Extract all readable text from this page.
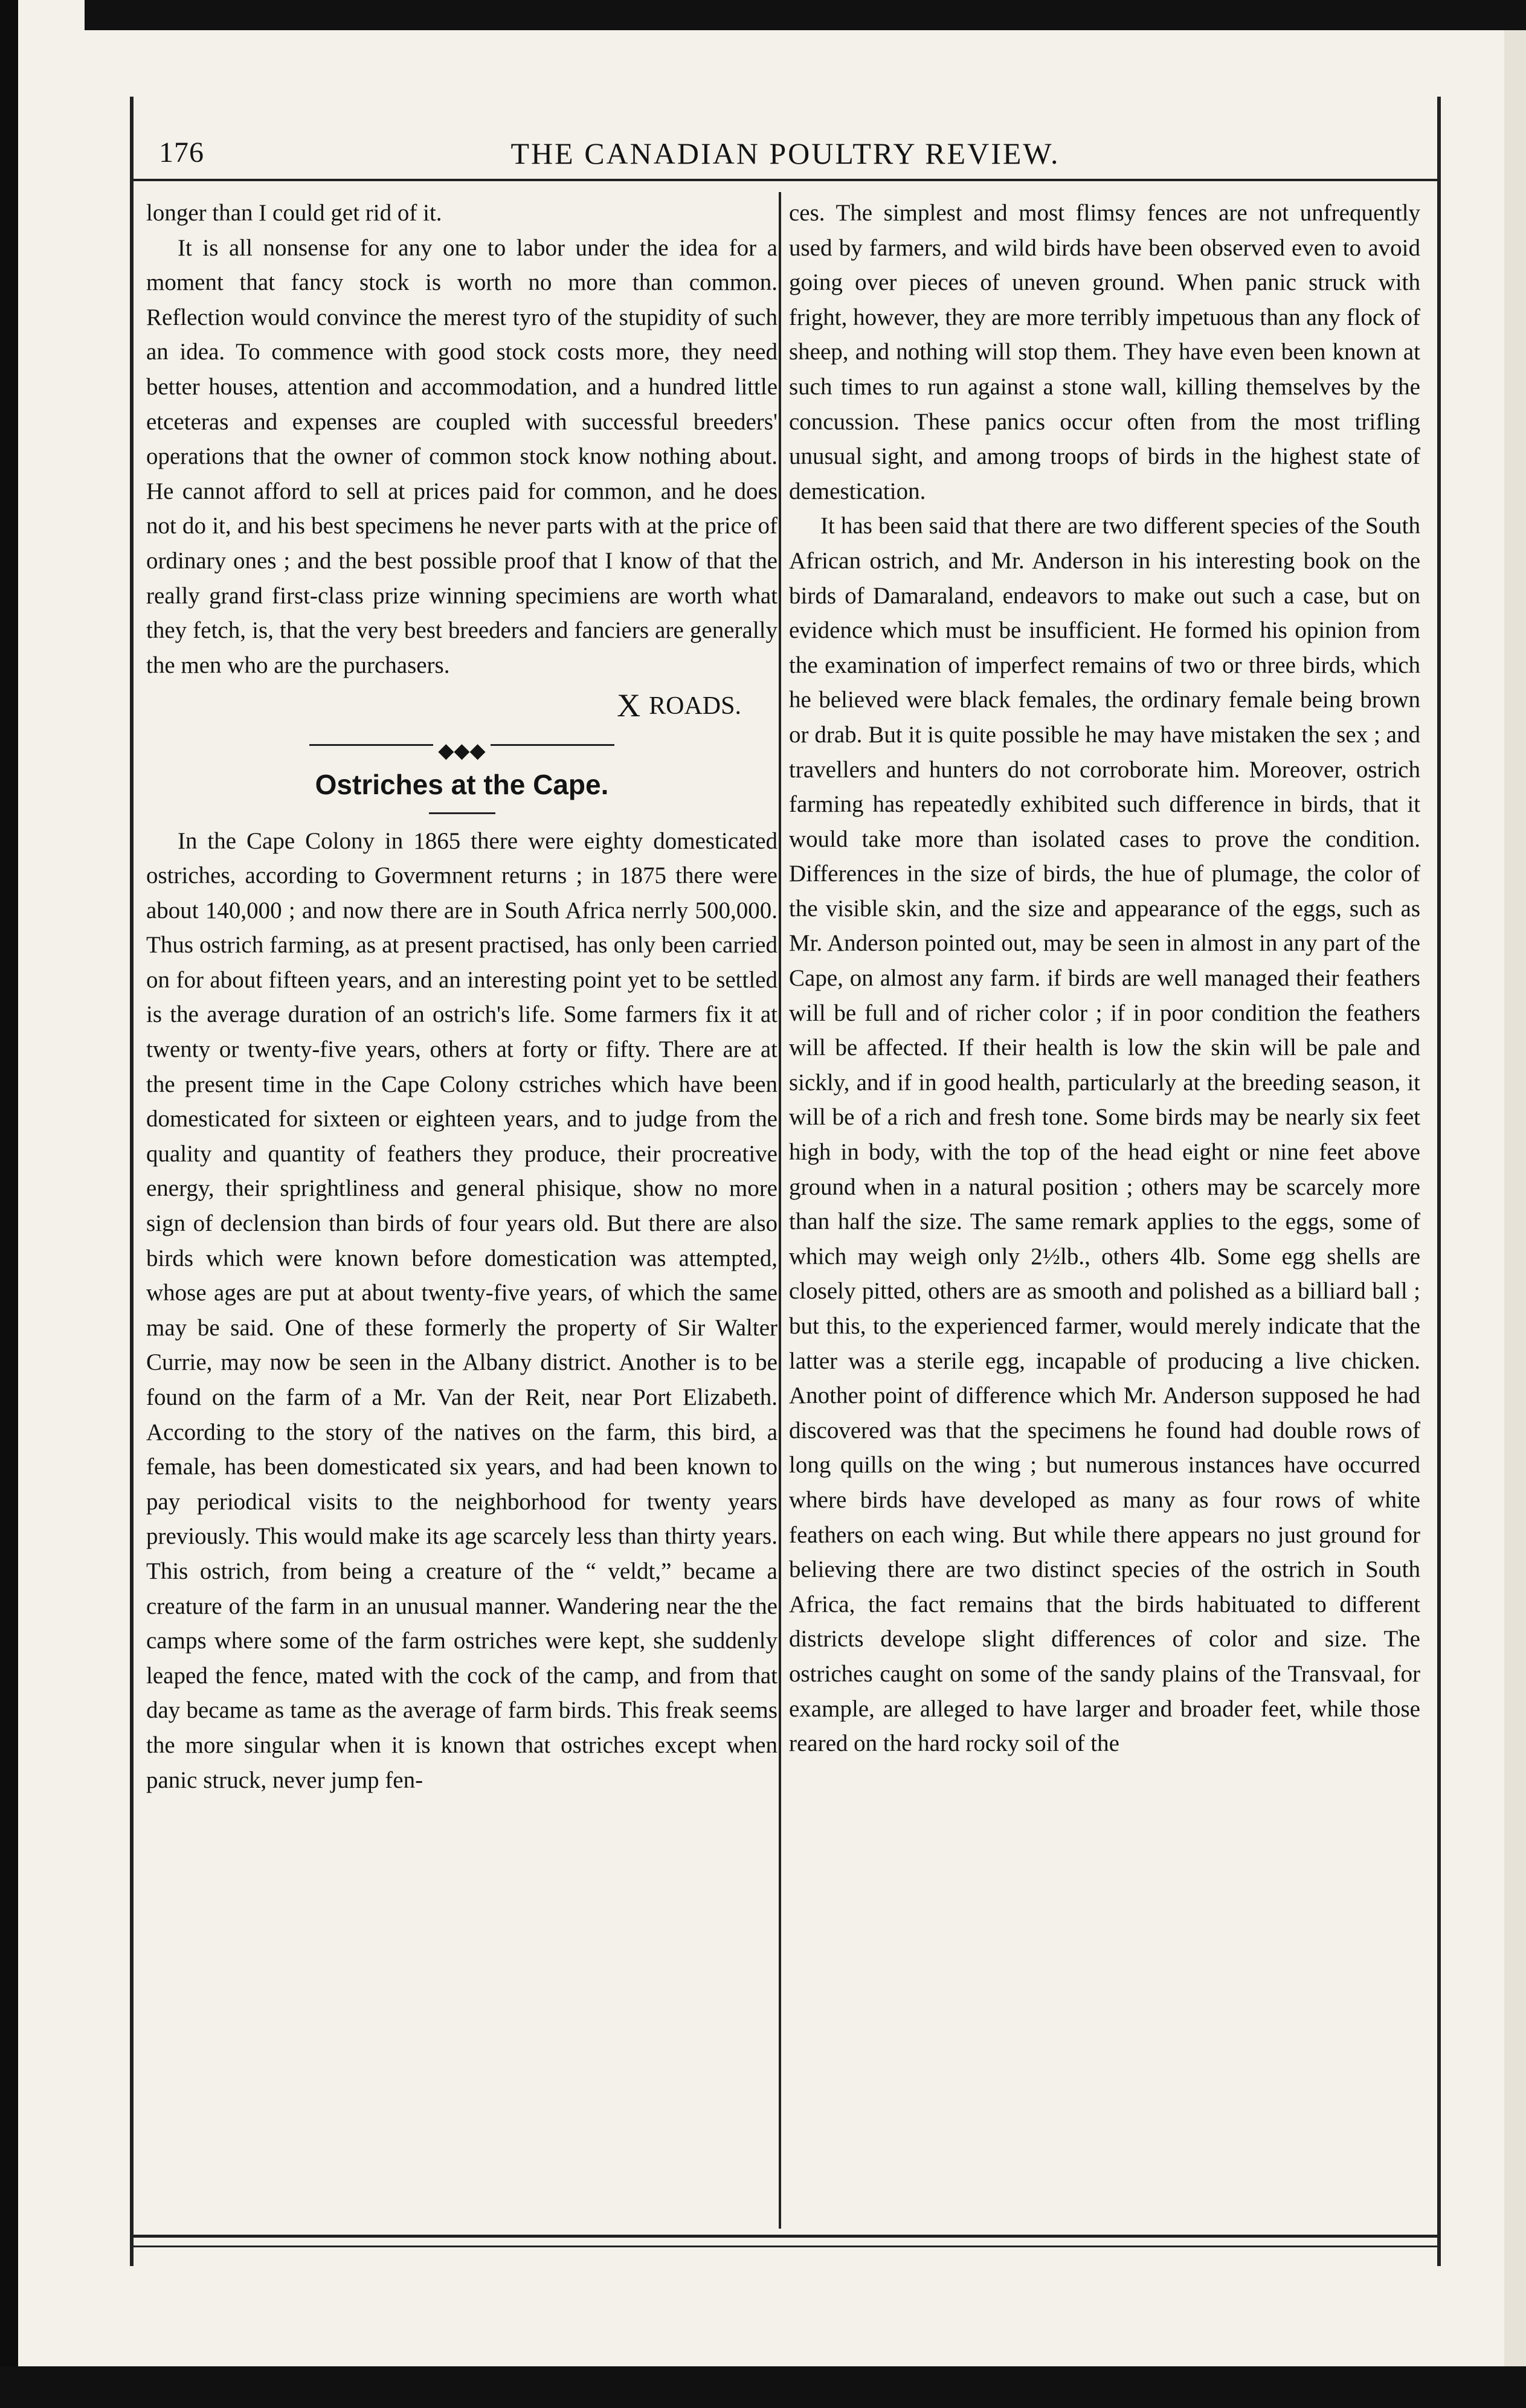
176	THE CANADIAN POULTRY REVIEW.

longer than I could get rid of it.

It is all nonsense for any one to labor under the idea for a moment that fancy stock is worth no more than common. Reflection would convince the merest tyro of the stupidity of such an idea. To commence with good stock costs more, they need better houses, attention and accommodation, and a hundred little etceteras and expenses are coupled with successful breeders' operations that the owner of common stock know nothing about. He cannot afford to sell at prices paid for common, and he does not do it, and his best specimens he never parts with at the price of ordinary ones ; and the best possible proof that I know of that the really grand first-class prize winning specimiens are worth what they fetch, is, that the very best breeders and fanciers are generally the men who are the purchasers.

X ROADS.
◆◆◆
Ostriches at the Cape.

In the Cape Colony in 1865 there were eighty domesticated ostriches, according to Govermnent returns ; in 1875 there were about 140,000 ; and now there are in South Africa nerrly 500,000. Thus ostrich farming, as at present practised, has only been carried on for about fifteen years, and an interesting point yet to be settled is the average duration of an ostrich's life. Some farmers fix it at twenty or twenty-five years, others at forty or fifty. There are at the present time in the Cape Colony cstriches which have been domesticated for sixteen or eighteen years, and to judge from the quality and quantity of feathers they produce, their procreative energy, their sprightliness and general phisique, show no more sign of declension than birds of four years old. But there are also birds which were known before domestication was attempted, whose ages are put at about twenty-five years, of which the same may be said. One of these formerly the property of Sir Walter Currie, may now be seen in the Albany district. Another is to be found on the farm of a Mr. Van der Reit, near Port Elizabeth. According to the story of the natives on the farm, this bird, a female, has been domesticated six years, and had been known to pay periodical visits to the neighborhood for twenty years previously. This would make its age scarcely less than thirty years. This ostrich, from being a creature of the “ veldt,” became a creature of the farm in an unusual manner. Wandering near the the camps where some of the farm ostriches were kept, she suddenly leaped the fence, mated with the cock of the camp, and from that day became as tame as the average of farm birds. This freak seems the more singular when it is known that ostriches except when panic struck, never jump fen-

ces. The simplest and most flimsy fences are not unfrequently used by farmers, and wild birds have been observed even to avoid going over pieces of uneven ground. When panic struck with fright, however, they are more terribly impetuous than any flock of sheep, and nothing will stop them. They have even been known at such times to run against a stone wall, killing themselves by the concussion. These panics occur often from the most trifling unusual sight, and among troops of birds in the highest state of demestication.

It has been said that there are two different species of the South African ostrich, and Mr. Anderson in his interesting book on the birds of Damaraland, endeavors to make out such a case, but on evidence which must be insufficient. He formed his opinion from the examination of imperfect remains of two or three birds, which he believed were black females, the ordinary female being brown or drab. But it is quite possible he may have mistaken the sex ; and travellers and hunters do not corroborate him. Moreover, ostrich farming has repeatedly exhibited such difference in birds, that it would take more than isolated cases to prove the condition. Differences in the size of birds, the hue of plumage, the color of the visible skin, and the size and appearance of the eggs, such as Mr. Anderson pointed out, may be seen in almost in any part of the Cape, on almost any farm. if birds are well managed their feathers will be full and of richer color ; if in poor condition the feathers will be affected. If their health is low the skin will be pale and sickly, and if in good health, particularly at the breeding season, it will be of a rich and fresh tone. Some birds may be nearly six feet high in body, with the top of the head eight or nine feet above ground when in a natural position ; others may be scarcely more than half the size. The same remark applies to the eggs, some of which may weigh only 2½lb., others 4lb. Some egg shells are closely pitted, others are as smooth and polished as a billiard ball ; but this, to the experienced farmer, would merely indicate that the latter was a sterile egg, incapable of producing a live chicken. Another point of difference which Mr. Anderson supposed he had discovered was that the specimens he found had double rows of long quills on the wing ; but numerous instances have occurred where birds have developed as many as four rows of white feathers on each wing. But while there appears no just ground for believing there are two distinct species of the ostrich in South Africa, the fact remains that the birds habituated to different districts develope slight differences of color and size. The ostriches caught on some of the sandy plains of the Transvaal, for example, are alleged to have larger and broader feet, while those reared on the hard rocky soil of the
